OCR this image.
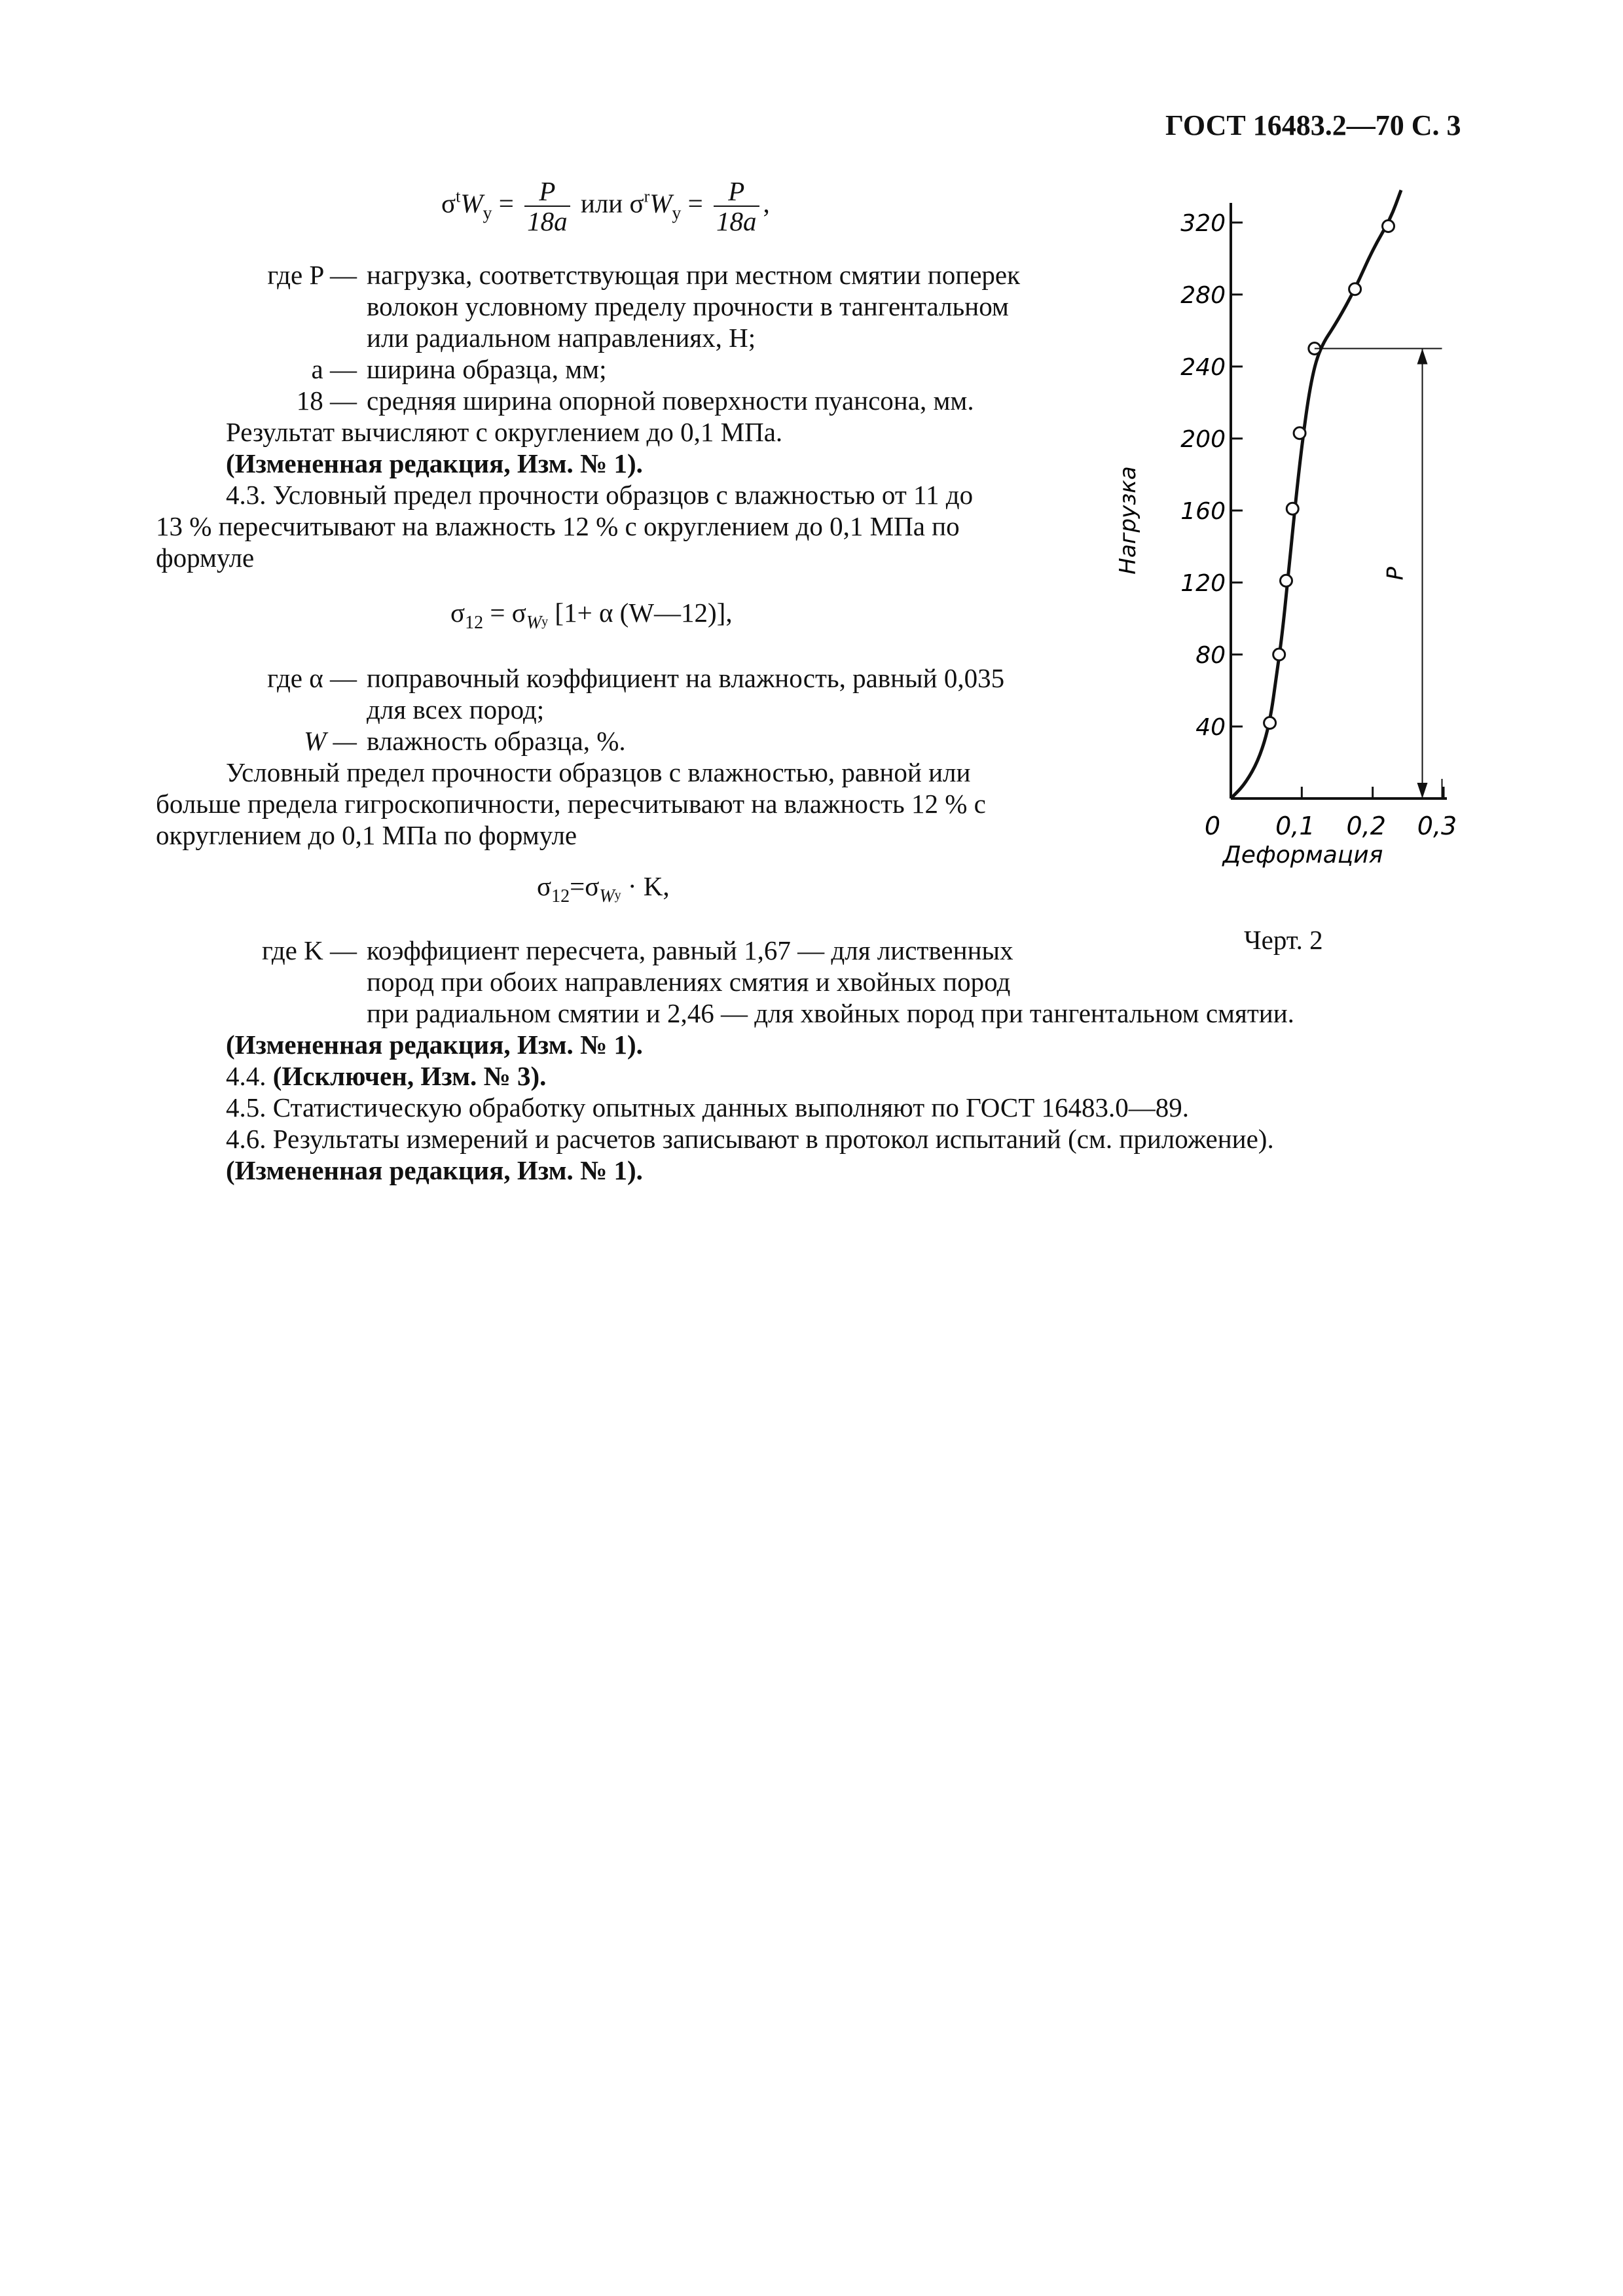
ГОСТ 16483.2—70 С. 3
$\sigma^tW_у = \frac{P}{18a}$ или $\sigma^rW_у = \frac{P}{18a}$ ,
где P — нагрузка, соответствующая при местном смятии поперек
волокон условному пределу прочности в тангентальном
или радиальном направлениях, Н;
a — ширина образца, мм;
18 — средняя ширина опорной поверхности пуансона, мм.
Результат вычисляют с округлением до 0,1 МПа.
(Измененная редакция, Изм. № 1).
4.3. Условный предел прочности образцов с влажностью от 11 до
13 % пересчитывают на влажность 12 % с округлением до 0,1 МПа по
формуле
$\sigma_{12} = \sigma_Wу$ [1+ α (W—12)],
где α — поправочный коэффициент на влажность, равный 0,035
для всех пород;
W — влажность образца, %.
Условный предел прочности образцов с влажностью, равной или
больше предела гигроскопичности, пересчитывают на влажность 12 % с
округлением до 0,1 МПа по формуле
$\sigma_{12}=\sigma_Wу \cdot K$,
где K — коэффициент пересчета, равный 1,67 — для лиственных
пород при обоих направлениях смятия и хвойных пород
при радиальном смятии и 2,46 — для хвойных пород при тангентальном смятии.
(Измененная редакция, Изм. № 1).
4.4. (Исключен, Изм. № 3).
4.5. Статистическую обработку опытных данных выполняют по ГОСТ 16483.0—89.
4.6. Результаты измерений и расчетов записывают в протокол испытаний (см. приложение).
(Измененная редакция, Изм. № 1).
Черт. 2
40
80
120
160
200
240
280
320
0 0,1 0,2 0,3
Нагрузка
Деформация
P
